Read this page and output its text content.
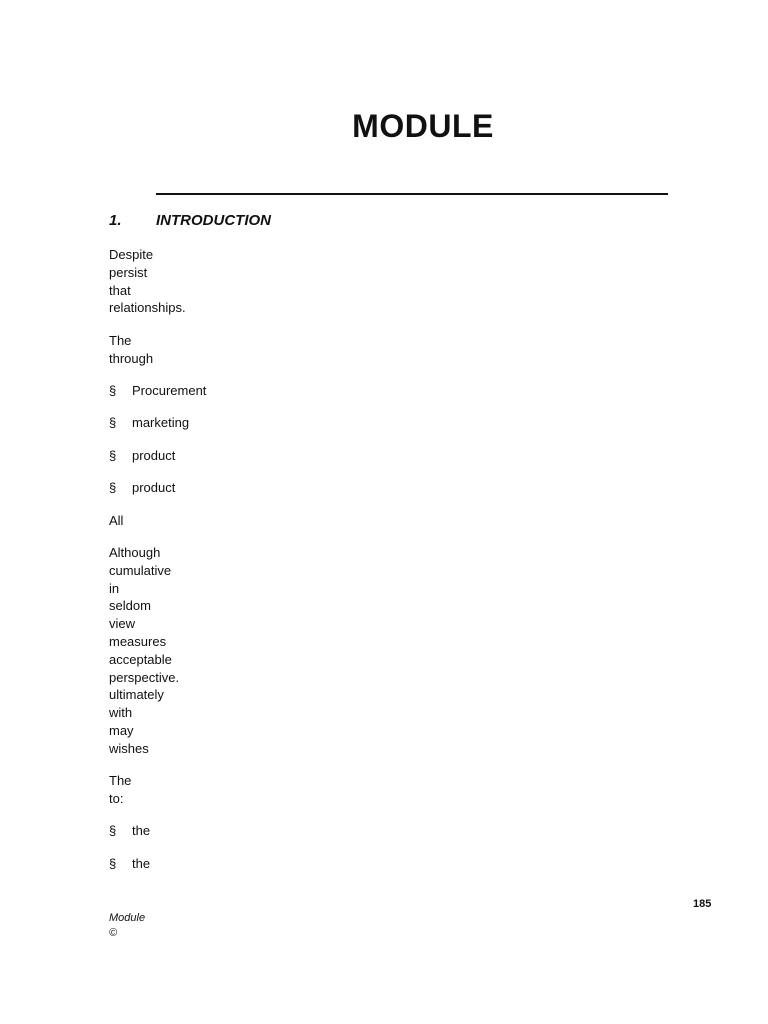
MODULE
1. INTRODUCTION

Despite
persist
that
relationships.

The
through

§	Procurement
§	marketing
§	product
§	product

All

Although
cumulative
in
seldom
view
measures
acceptable
perspective.
ultimately
with
may
wishes

The
to:

§	the
§	the
185
Module
©
